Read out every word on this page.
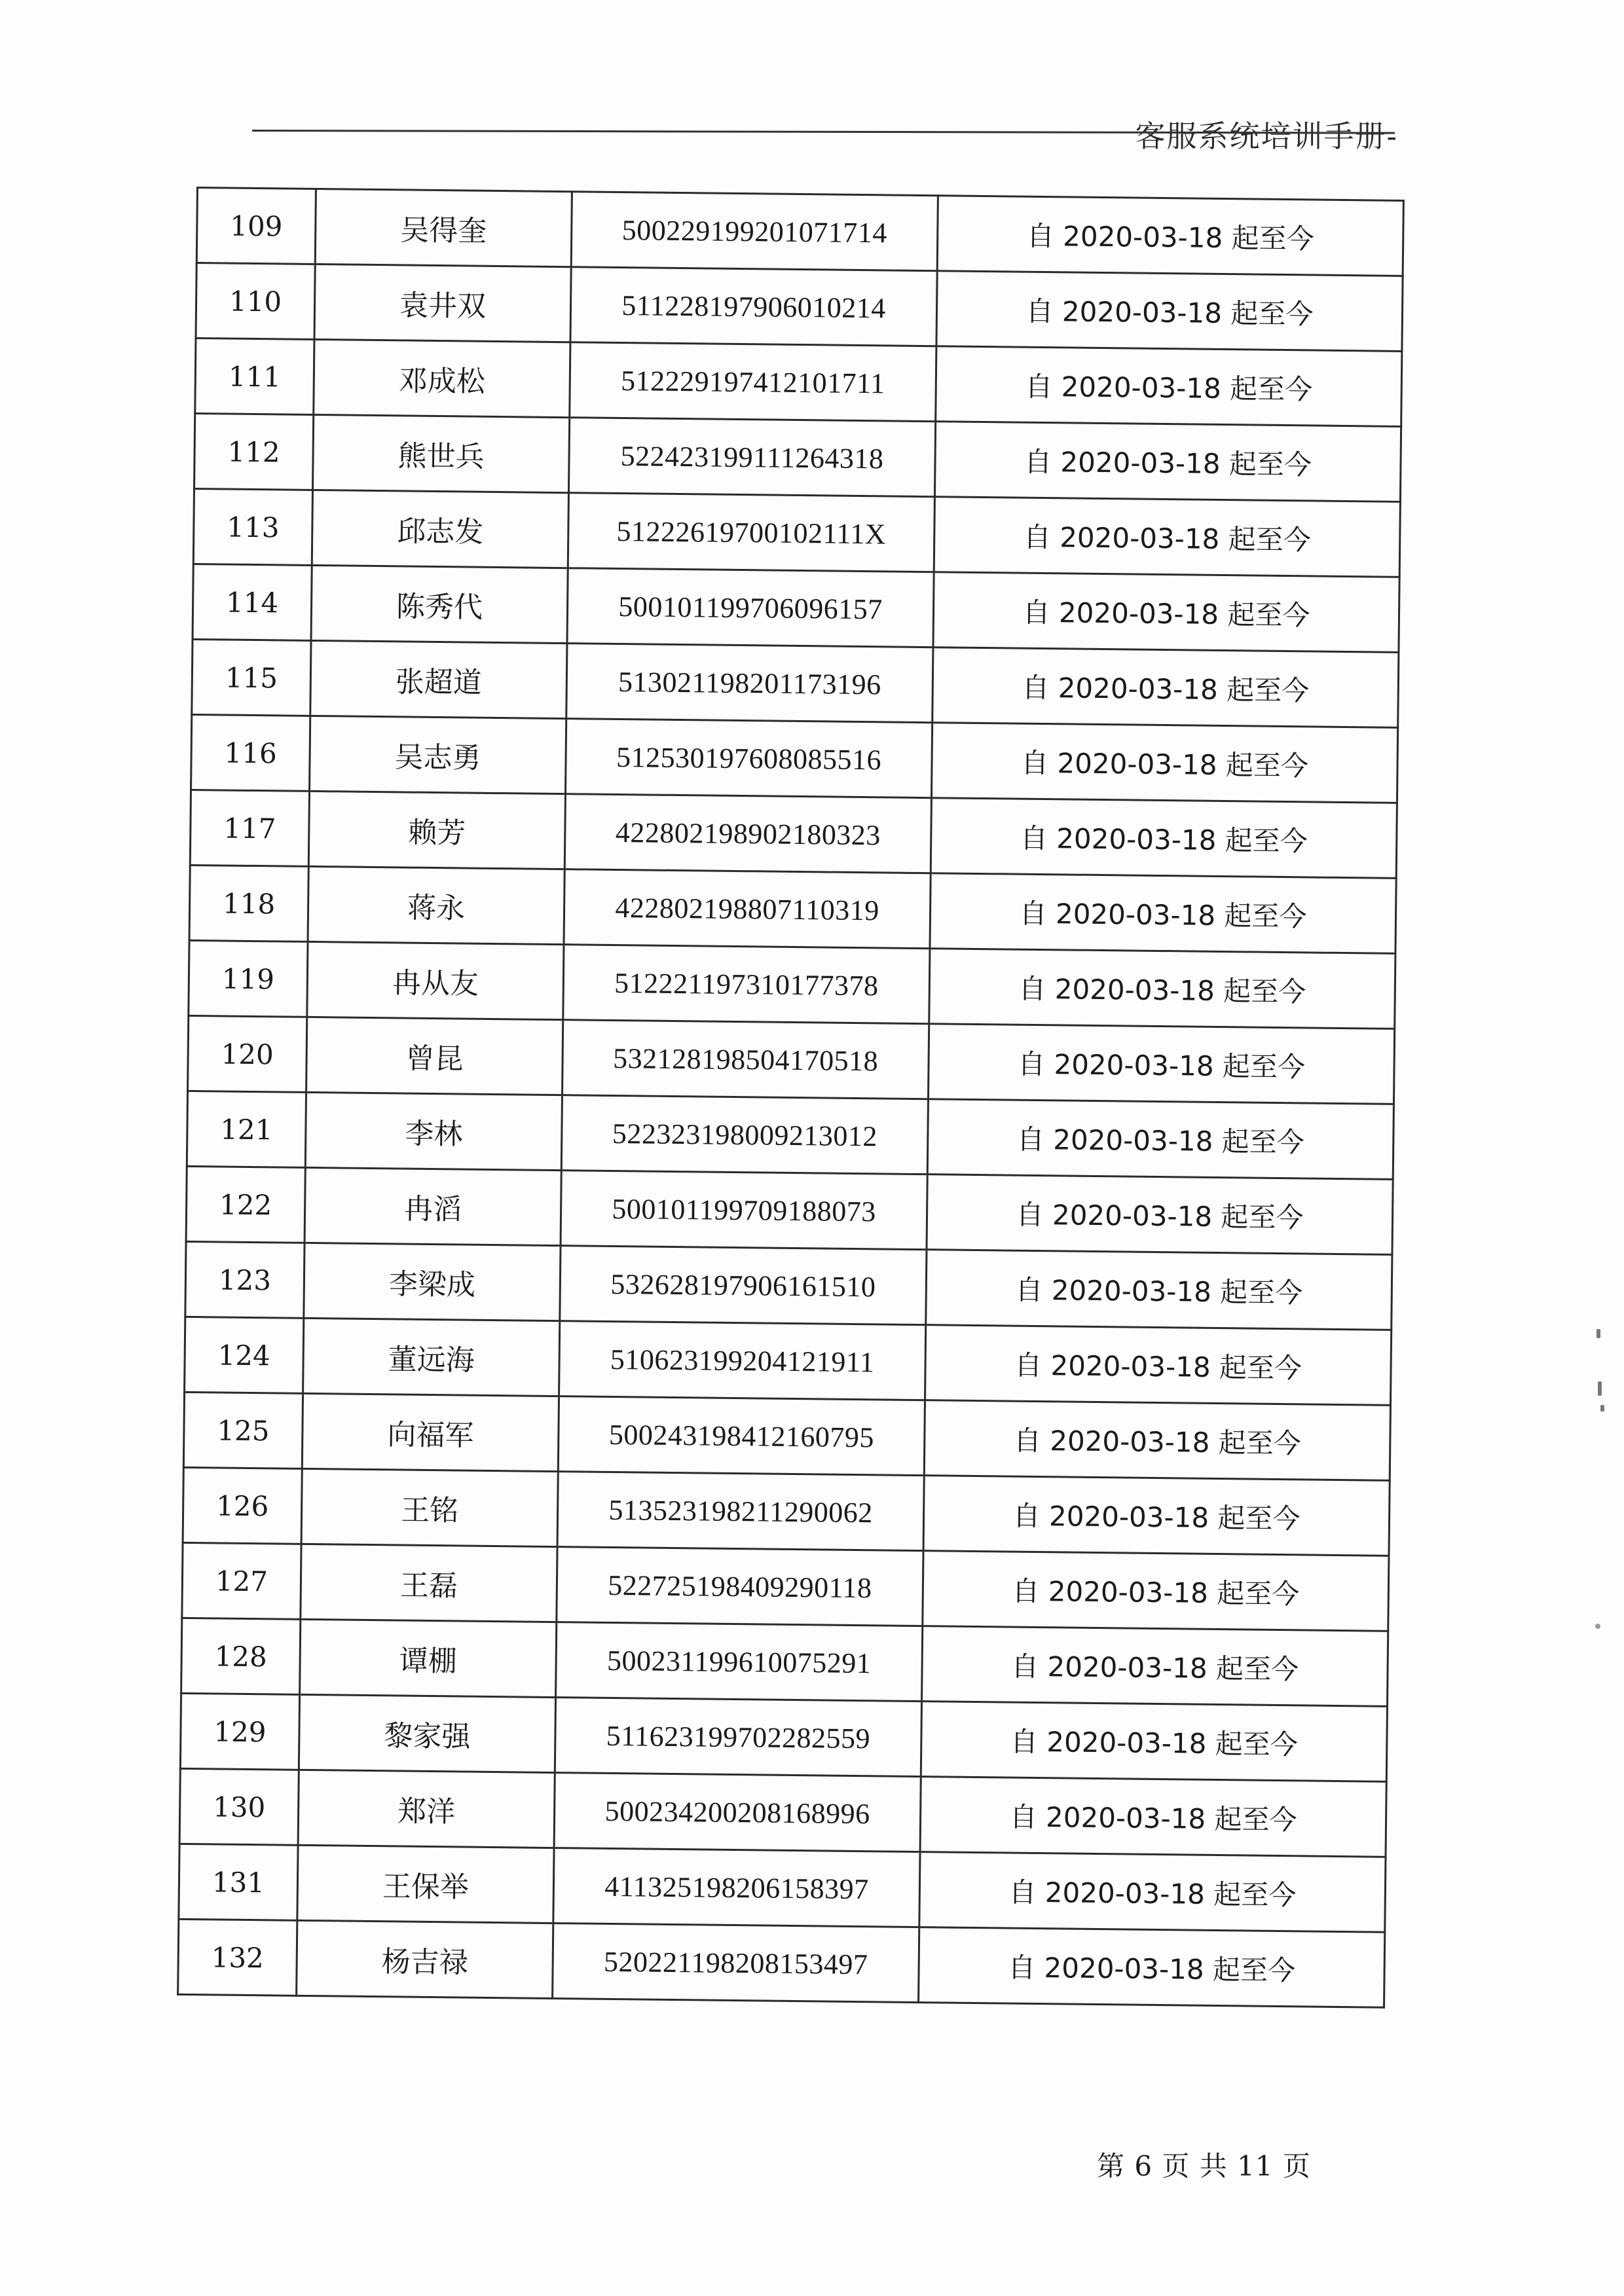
客服系统培训手册-
109	吴得奎	500229199201071714	自 2020-03-18 起至今
110	袁井双	511228197906010214	自 2020-03-18 起至今
111	邓成松	512229197412101711	自 2020-03-18 起至今
112	熊世兵	522423199111264318	自 2020-03-18 起至今
113	邱志发	51222619700102111X	自 2020-03-18 起至今
114	陈秀代	500101199706096157	自 2020-03-18 起至今
115	张超道	513021198201173196	自 2020-03-18 起至今
116	吴志勇	512530197608085516	自 2020-03-18 起至今
117	赖芳	422802198902180323	自 2020-03-18 起至今
118	蒋永	422802198807110319	自 2020-03-18 起至今
119	冉从友	512221197310177378	自 2020-03-18 起至今
120	曾昆	532128198504170518	自 2020-03-18 起至今
121	李林	522323198009213012	自 2020-03-18 起至今
122	冉滔	500101199709188073	自 2020-03-18 起至今
123	李梁成	532628197906161510	自 2020-03-18 起至今
124	董远海	510623199204121911	自 2020-03-18 起至今
125	向福军	500243198412160795	自 2020-03-18 起至今
126	王铭	513523198211290062	自 2020-03-18 起至今
127	王磊	522725198409290118	自 2020-03-18 起至今
128	谭棚	500231199610075291	自 2020-03-18 起至今
129	黎家强	511623199702282559	自 2020-03-18 起至今
130	郑洋	500234200208168996	自 2020-03-18 起至今
131	王保举	411325198206158397	自 2020-03-18 起至今
132	杨吉禄	520221198208153497	自 2020-03-18 起至今
第 6 页 共 11 页
